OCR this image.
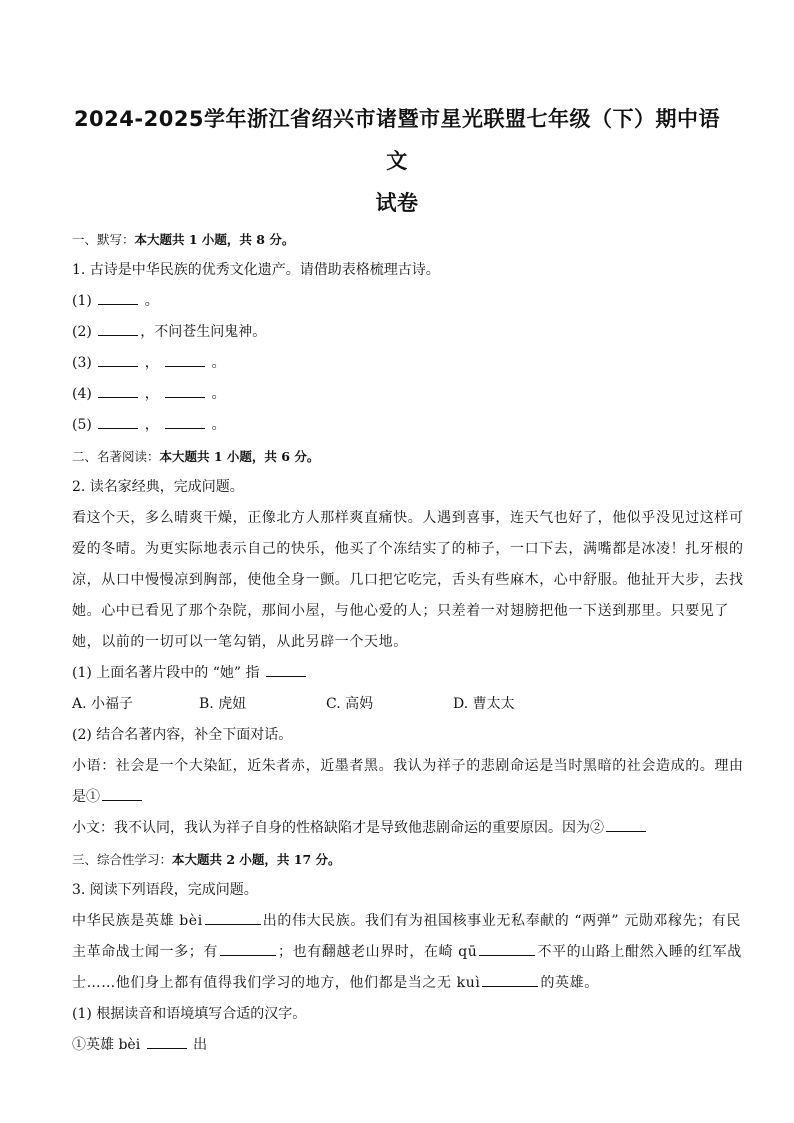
2024-2025学年浙江省绍兴市诸暨市星光联盟七年级（下）期中语文
试卷
一、默写：本大题共 1 小题，共 8 分。
1. 古诗是中华民族的优秀文化遗产。请借助表格梳理古诗。
(1)	。
(2)	，不问苍生问鬼神。
(3)	，	。
(4)	，	。
(5)	，	。
二、名著阅读：本大题共 1 小题，共 6 分。
2. 读名家经典，完成问题。
看这个天，多么晴爽干燥，正像北方人那样爽直痛快。人遇到喜事，连天气也好了，他似乎没见过这样可
爱的冬晴。为更实际地表示自己的快乐，他买了个冻结实了的柿子，一口下去，满嘴都是冰凌！扎牙根的
凉，从口中慢慢凉到胸部，使他全身一颤。几口把它吃完，舌头有些麻木，心中舒服。他扯开大步，去找
她。心中已看见了那个杂院，那间小屋，与他心爱的人；只差着一对翅膀把他一下送到那里。只要见了
她，以前的一切可以一笔勾销，从此另辟一个天地。
(1) 上面名著片段中的 “她” 指
A. 小福子	B. 虎妞	C. 高妈	D. 曹太太
(2) 结合名著内容，补全下面对话。
小语：社会是一个大染缸，近朱者赤，近墨者黑。我认为祥子的悲剧命运是当时黑暗的社会造成的。理由
是①
小文：我不认同，我认为祥子自身的性格缺陷才是导致他悲剧命运的重要原因。因为②
三、综合性学习：本大题共 2 小题，共 17 分。
3. 阅读下列语段，完成问题。
中华民族是英雄 bèi	出的伟大民族。我们有为祖国核事业无私奉献的 “两弹” 元勋邓稼先；有民
主革命战士闻一多；有	；也有翻越老山界时，在崎 qū	不平的山路上酣然入睡的红军战
士……他们身上都有值得我们学习的地方，他们都是当之无 kuì	的英雄。
(1) 根据读音和语境填写合适的汉字。
①英雄 bèi	出
